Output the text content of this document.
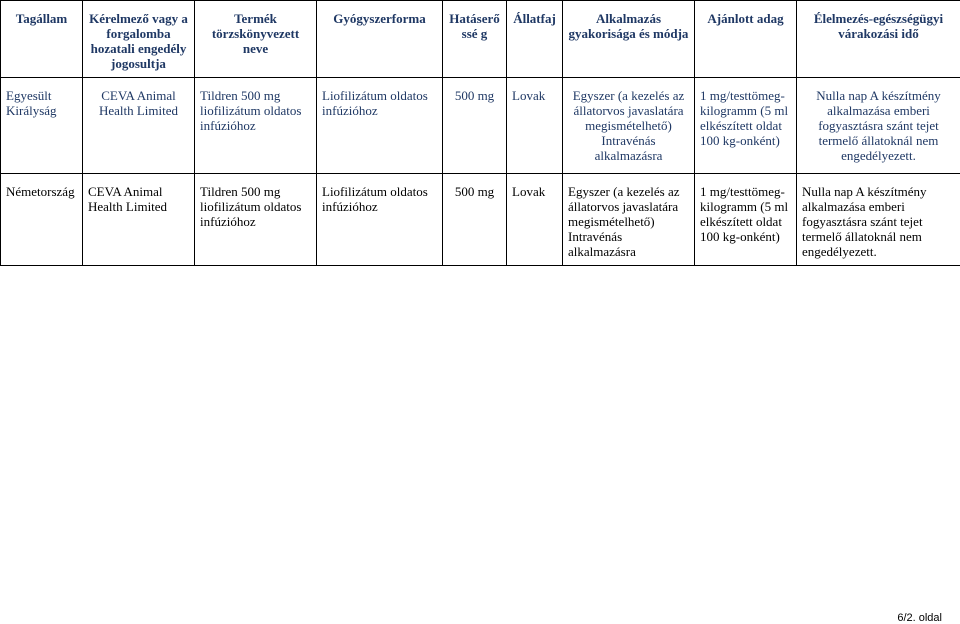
Tagállam	Kérelmező vagy a forgalomba hozatali engedély jogosultja	Termék törzskönyvezett neve	Gyógyszerforma	Hatáserőssé g	Állatfaj	Alkalmazás gyakorisága és módja	Ajánlott adag	Élelmezés-egészségügyi várakozási idő
Egyesült Királyság	CEVA Animal Health Limited	Tildren 500 mg liofilizátum oldatos infúzióhoz	Liofilizátum oldatos infúzióhoz	500 mg	Lovak	Egyszer (a kezelés az állatorvos javaslatára megismételhető) Intravénás alkalmazásra	1 mg/testtömeg-kilogramm (5 ml elkészített oldat 100 kg-onként)	Nulla nap A készítmény alkalmazása emberi fogyasztásra szánt tejet termelő állatoknál nem engedélyezett.
Németország	CEVA Animal Health Limited	Tildren 500 mg liofilizátum oldatos infúzióhoz	Liofilizátum oldatos infúzióhoz	500 mg	Lovak	Egyszer (a kezelés az állatorvos javaslatára megismételhető) Intravénás alkalmazásra	1 mg/testtömeg-kilogramm (5 ml elkészített oldat 100 kg-onként)	Nulla nap A készítmény alkalmazása emberi fogyasztásra szánt tejet termelő állatoknál nem engedélyezett.
6/2. oldal
